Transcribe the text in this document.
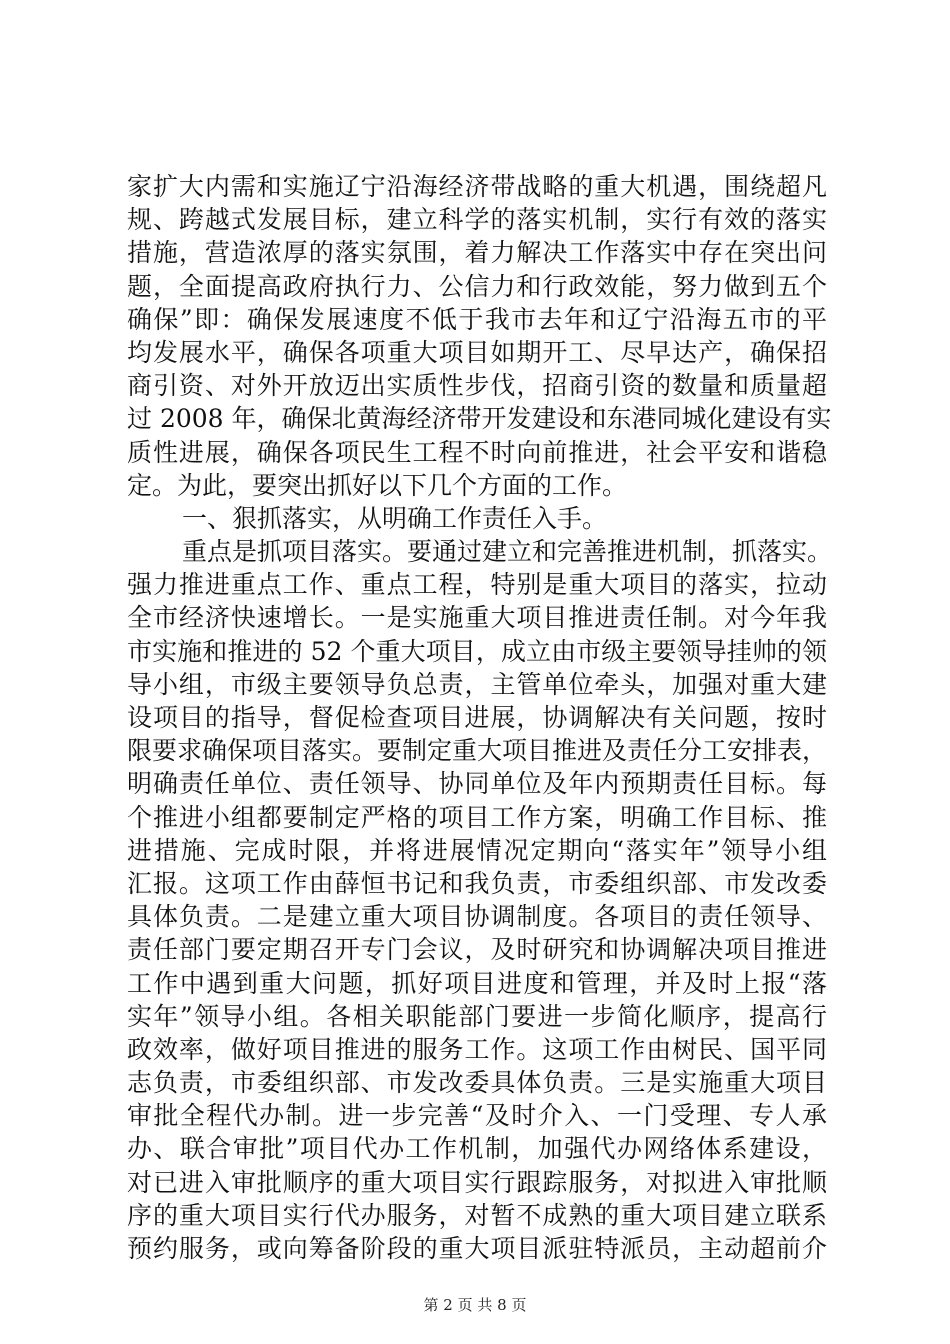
家扩大内需和实施辽宁沿海经济带战略的重大机遇，围绕超凡
规、跨越式发展目标，建立科学的落实机制，实行有效的落实
措施，营造浓厚的落实氛围，着力解决工作落实中存在突出问
题，全面提高政府执行力、公信力和行政效能，努力做到五个
确保”即：确保发展速度不低于我市去年和辽宁沿海五市的平
均发展水平，确保各项重大项目如期开工、尽早达产，确保招
商引资、对外开放迈出实质性步伐，招商引资的数量和质量超
过 2008 年，确保北黄海经济带开发建设和东港同城化建设有实
质性进展，确保各项民生工程不时向前推进，社会平安和谐稳
定。为此，要突出抓好以下几个方面的工作。
一、狠抓落实，从明确工作责任入手。
重点是抓项目落实。要通过建立和完善推进机制，抓落实。
强力推进重点工作、重点工程，特别是重大项目的落实，拉动
全市经济快速增长。一是实施重大项目推进责任制。对今年我
市实施和推进的 52 个重大项目，成立由市级主要领导挂帅的领
导小组，市级主要领导负总责，主管单位牵头，加强对重大建
设项目的指导，督促检查项目进展，协调解决有关问题，按时
限要求确保项目落实。要制定重大项目推进及责任分工安排表，
明确责任单位、责任领导、协同单位及年内预期责任目标。每
个推进小组都要制定严格的项目工作方案，明确工作目标、推
进措施、完成时限，并将进展情况定期向“落实年”领导小组
汇报。这项工作由薛恒书记和我负责，市委组织部、市发改委
具体负责。二是建立重大项目协调制度。各项目的责任领导、
责任部门要定期召开专门会议，及时研究和协调解决项目推进
工作中遇到重大问题，抓好项目进度和管理，并及时上报“落
实年”领导小组。各相关职能部门要进一步简化顺序，提高行
政效率，做好项目推进的服务工作。这项工作由树民、国平同
志负责，市委组织部、市发改委具体负责。三是实施重大项目
审批全程代办制。进一步完善“及时介入、一门受理、专人承
办、联合审批”项目代办工作机制，加强代办网络体系建设，
对已进入审批顺序的重大项目实行跟踪服务，对拟进入审批顺
序的重大项目实行代办服务，对暂不成熟的重大项目建立联系
预约服务，或向筹备阶段的重大项目派驻特派员，主动超前介
第 2 页 共 8 页
